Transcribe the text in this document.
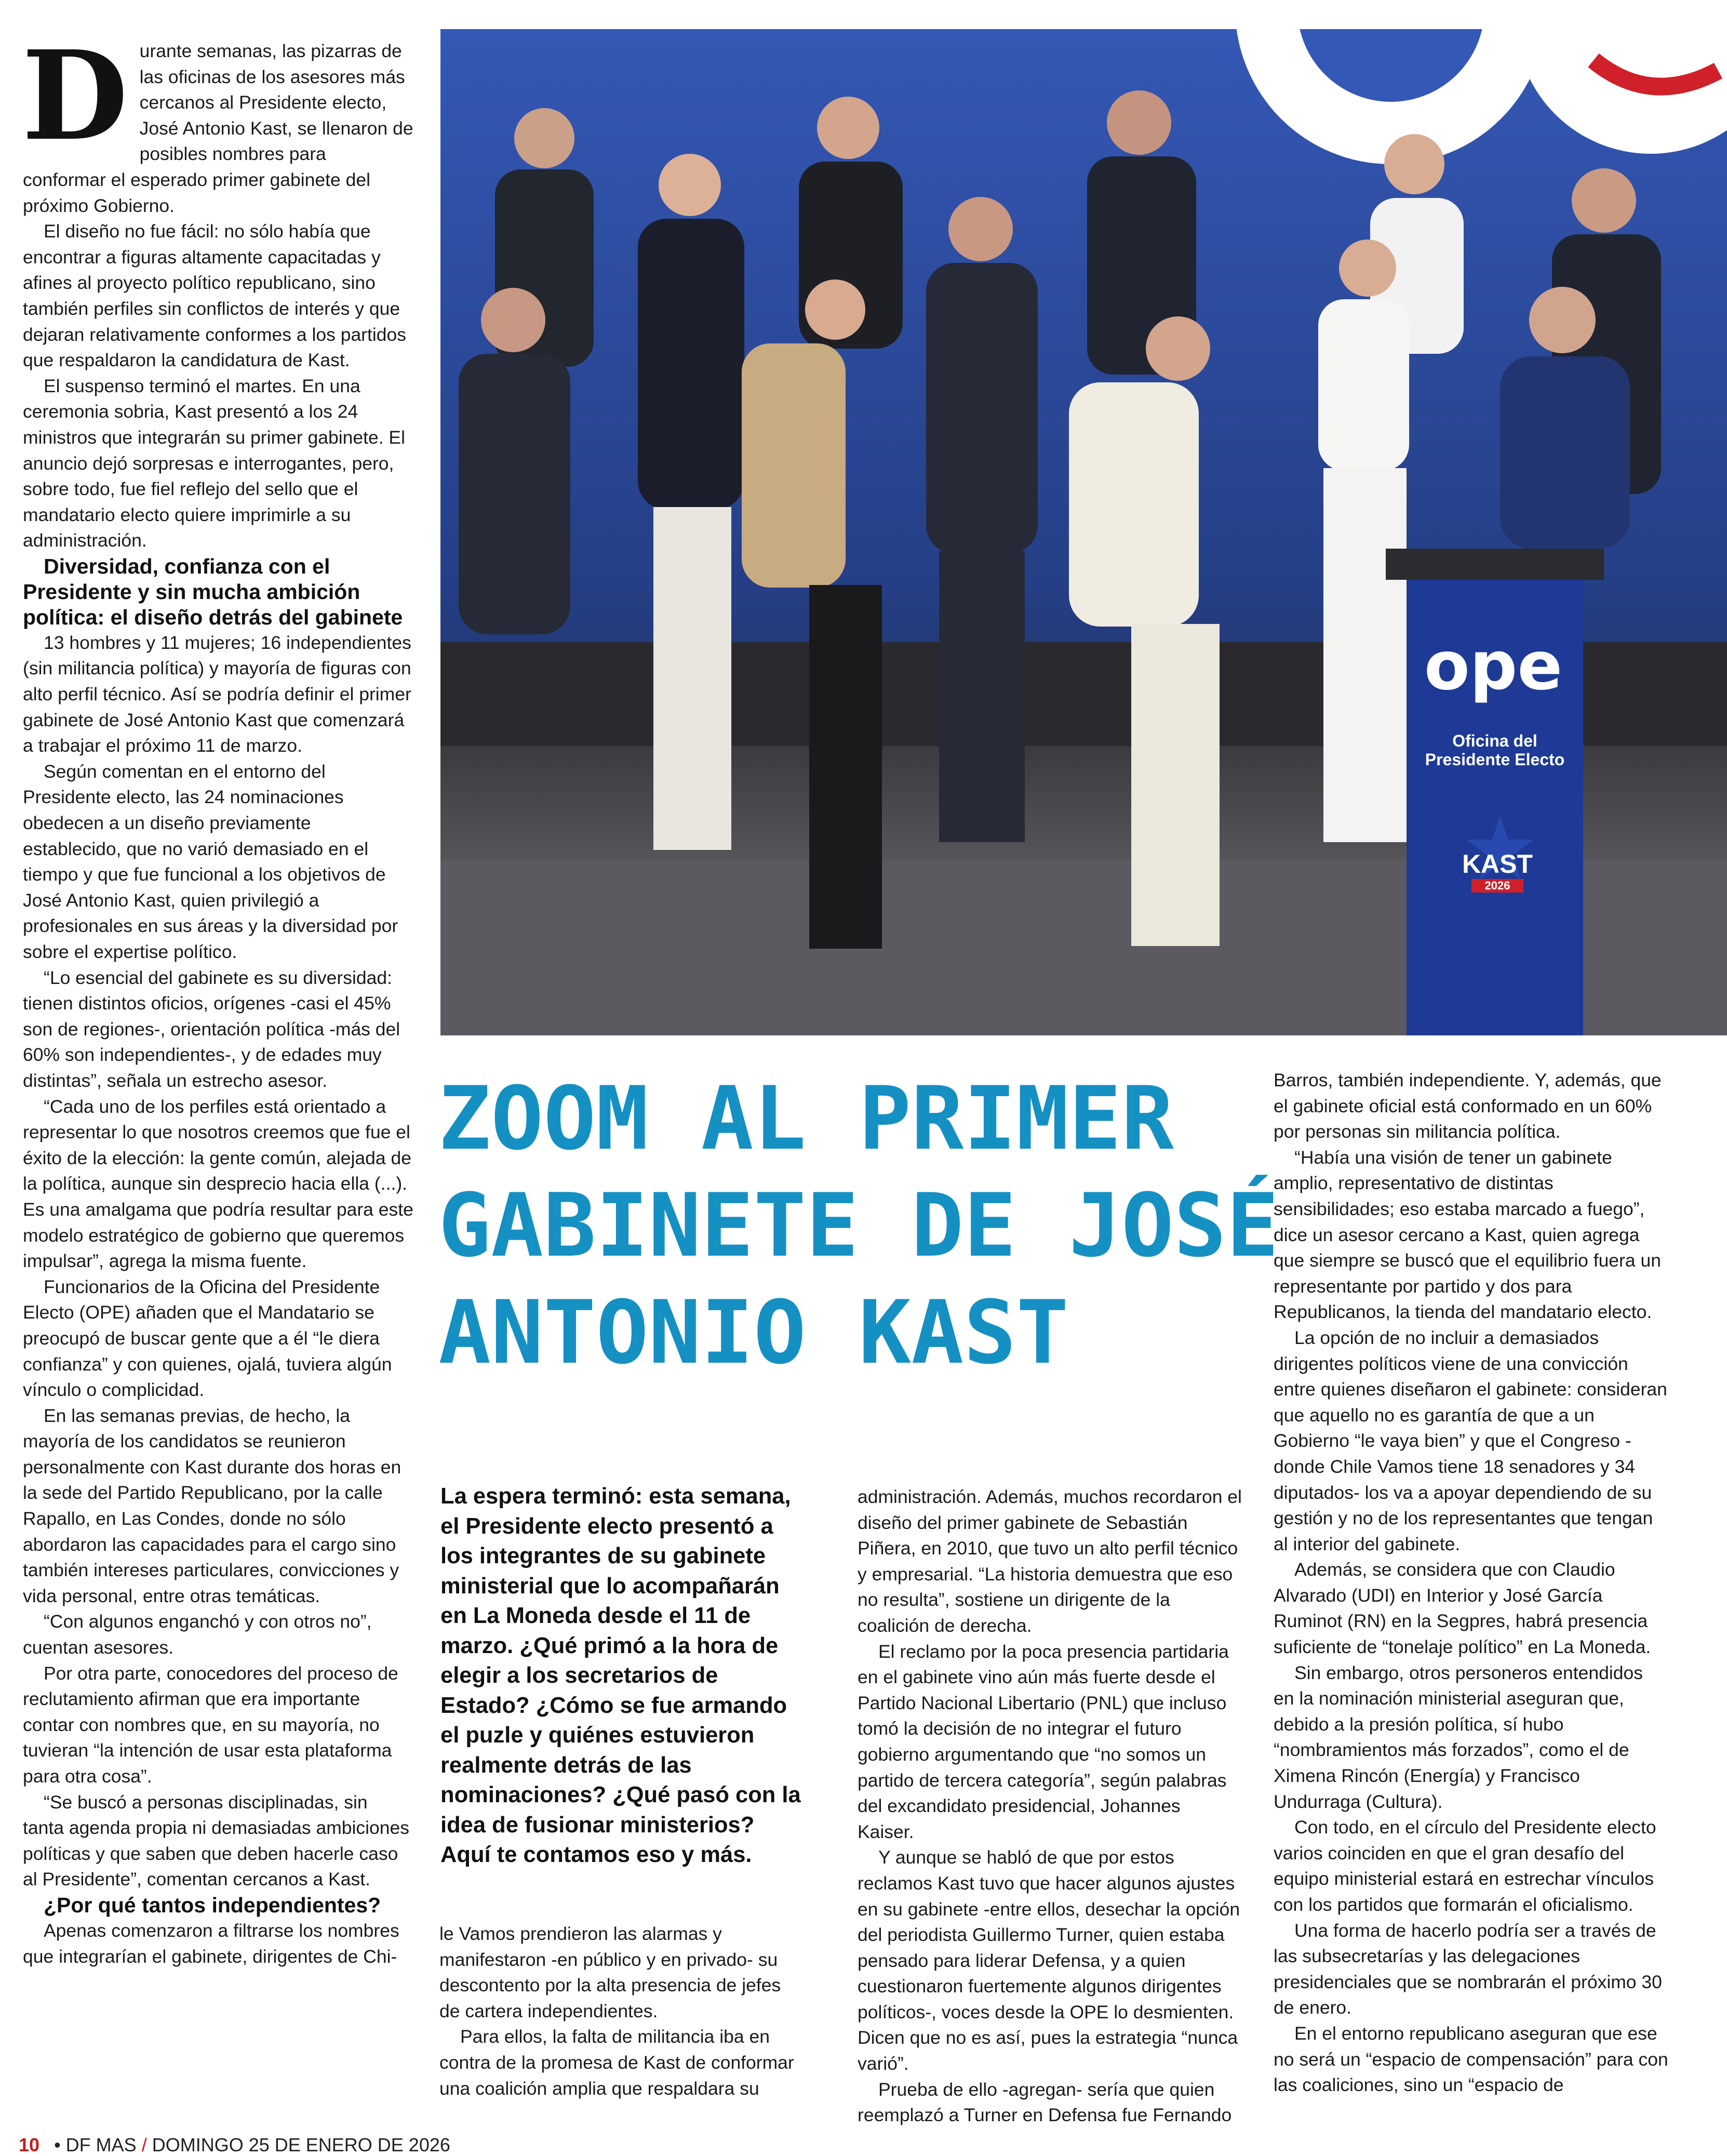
Durante semanas, las pizarras de las oficinas de los asesores más cercanos al Presidente electo, José Antonio Kast, se llenaron de posibles nombres para conformar el esperado primer gabinete del próximo Gobierno.

El diseño no fue fácil: no sólo había que encontrar a figuras altamente capacitadas y afines al proyecto político republicano, sino también perfiles sin conflictos de interés y que dejaran relativamente conformes a los partidos que respaldaron la candidatura de Kast.

El suspenso terminó el martes. En una ceremonia sobria, Kast presentó a los 24 ministros que integrarán su primer gabinete. El anuncio dejó sorpresas e interrogantes, pero, sobre todo, fue fiel reflejo del sello que el mandatario electo quiere imprimirle a su administración.

Diversidad, confianza con el Presidente y sin mucha ambición política: el diseño detrás del gabinete

13 hombres y 11 mujeres; 16 independientes (sin militancia política) y mayoría de figuras con alto perfil técnico. Así se podría definir el primer gabinete de José Antonio Kast que comenzará a trabajar el próximo 11 de marzo.

Según comentan en el entorno del Presidente electo, las 24 nominaciones obedecen a un diseño previamente establecido, que no varió demasiado en el tiempo y que fue funcional a los objetivos de José Antonio Kast, quien privilegió a profesionales en sus áreas y la diversidad por sobre el expertise político.

“Lo esencial del gabinete es su diversidad: tienen distintos oficios, orígenes -casi el 45% son de regiones-, orientación política -más del 60% son independientes-, y de edades muy distintas”, señala un estrecho asesor.

“Cada uno de los perfiles está orientado a representar lo que nosotros creemos que fue el éxito de la elección: la gente común, alejada de la política, aunque sin desprecio hacia ella (...). Es una amalgama que podría resultar para este modelo estratégico de gobierno que queremos impulsar”, agrega la misma fuente.

Funcionarios de la Oficina del Presidente Electo (OPE) añaden que el Mandatario se preocupó de buscar gente que a él “le diera confianza” y con quienes, ojalá, tuviera algún vínculo o complicidad.

En las semanas previas, de hecho, la mayoría de los candidatos se reunieron personalmente con Kast durante dos horas en la sede del Partido Republicano, por la calle Rapallo, en Las Condes, donde no sólo abordaron las capacidades para el cargo sino también intereses particulares, convicciones y vida personal, entre otras temáticas.

“Con algunos enganchó y con otros no”, cuentan asesores.

Por otra parte, conocedores del proceso de reclutamiento afirman que era importante contar con nombres que, en su mayoría, no tuvieran “la intención de usar esta plataforma para otra cosa”.

“Se buscó a personas disciplinadas, sin tanta agenda propia ni demasiadas ambiciones políticas y que saben que deben hacerle caso al Presidente”, comentan cercanos a Kast.

¿Por qué tantos independientes?

Apenas comenzaron a filtrarse los nombres que integrarían el gabinete, dirigentes de Chi-

ope
Oficina del
Presidente Electo
KAST
2026
ZOOM AL PRIMER
GABINETE DE JOSÉ
ANTONIO KAST
La espera terminó: esta semana, el Presidente electo presentó a los integrantes de su gabinete ministerial que lo acompañarán en La Moneda desde el 11 de marzo. ¿Qué primó a la hora de elegir a los secretarios de Estado? ¿Cómo se fue armando el puzle y quiénes estuvieron realmente detrás de las nominaciones? ¿Qué pasó con la idea de fusionar ministerios? Aquí te contamos eso y más.

le Vamos prendieron las alarmas y manifestaron -en público y en privado- su descontento por la alta presencia de jefes de cartera independientes.

Para ellos, la falta de militancia iba en contra de la promesa de Kast de conformar una coalición amplia que respaldara su

administración. Además, muchos recordaron el diseño del primer gabinete de Sebastián Piñera, en 2010, que tuvo un alto perfil técnico y empresarial. “La historia demuestra que eso no resulta”, sostiene un dirigente de la coalición de derecha.

El reclamo por la poca presencia partidaria en el gabinete vino aún más fuerte desde el Partido Nacional Libertario (PNL) que incluso tomó la decisión de no integrar el futuro gobierno argumentando que “no somos un partido de tercera categoría”, según palabras del excandidato presidencial, Johannes Kaiser.

Y aunque se habló de que por estos reclamos Kast tuvo que hacer algunos ajustes en su gabinete -entre ellos, desechar la opción del periodista Guillermo Turner, quien estaba pensado para liderar Defensa, y a quien cuestionaron fuertemente algunos dirigentes políticos-, voces desde la OPE lo desmienten. Dicen que no es así, pues la estrategia “nunca varió”.

Prueba de ello -agregan- sería que quien reemplazó a Turner en Defensa fue Fernando

Barros, también independiente. Y, además, que el gabinete oficial está conformado en un 60% por personas sin militancia política.

“Había una visión de tener un gabinete amplio, representativo de distintas sensibilidades; eso estaba marcado a fuego”, dice un asesor cercano a Kast, quien agrega que siempre se buscó que el equilibrio fuera un representante por partido y dos para Republicanos, la tienda del mandatario electo.

La opción de no incluir a demasiados dirigentes políticos viene de una convicción entre quienes diseñaron el gabinete: consideran que aquello no es garantía de que a un Gobierno “le vaya bien” y que el Congreso -donde Chile Vamos tiene 18 senadores y 34 diputados- los va a apoyar dependiendo de su gestión y no de los representantes que tengan al interior del gabinete.

Además, se considera que con Claudio Alvarado (UDI) en Interior y José García Ruminot (RN) en la Segpres, habrá presencia suficiente de “tonelaje político” en La Moneda.

Sin embargo, otros personeros entendidos en la nominación ministerial aseguran que, debido a la presión política, sí hubo “nombramientos más forzados”, como el de Ximena Rincón (Energía) y Francisco Undurraga (Cultura).

Con todo, en el círculo del Presidente electo varios coinciden en que el gran desafío del equipo ministerial estará en estrechar vínculos con los partidos que formarán el oficialismo.

Una forma de hacerlo podría ser a través de las subsecretarías y las delegaciones presidenciales que se nombrarán el próximo 30 de enero.

En el entorno republicano aseguran que ese no será un “espacio de compensación” para con las coaliciones, sino un “espacio de

10 • DF MAS / DOMINGO 25 DE ENERO DE 2026
